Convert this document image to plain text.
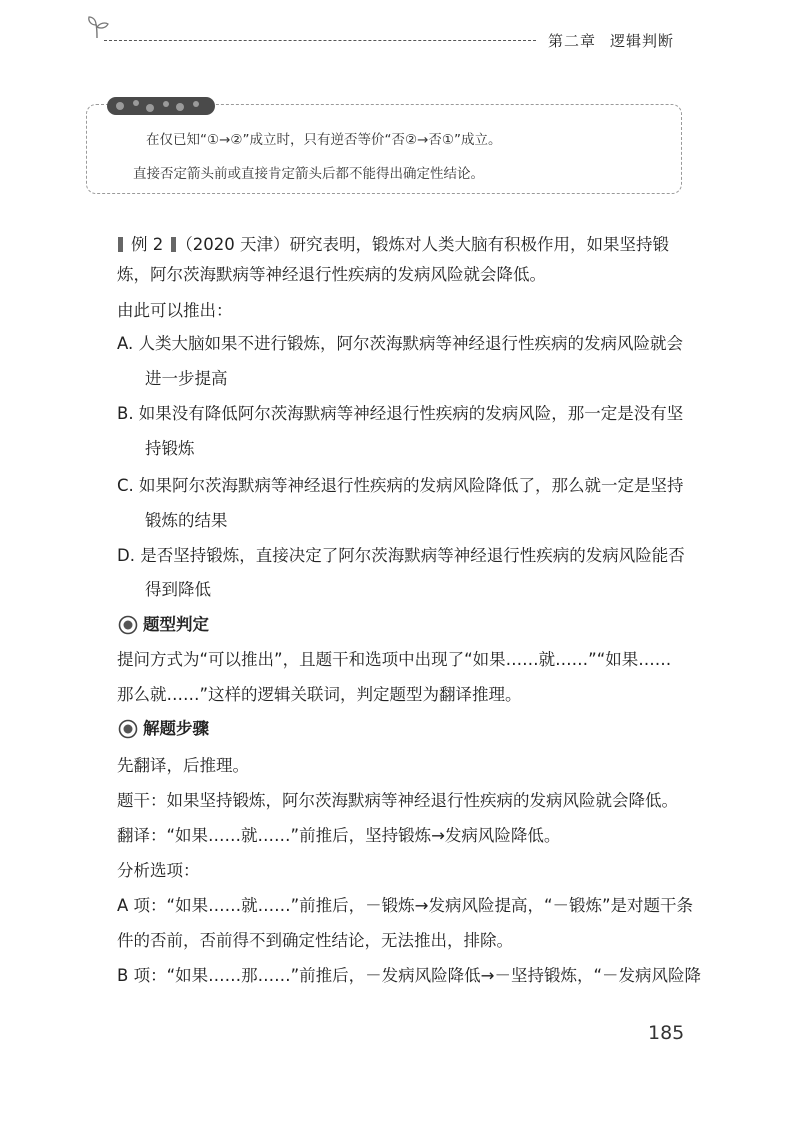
第二章 逻辑判断
在仅已知“①→②”成立时，只有逆否等价“否②→否①”成立。
直接否定箭头前或直接肯定箭头后都不能得出确定性结论。
例 2 （2020 天津）研究表明，锻炼对人类大脑有积极作用，如果坚持锻
炼，阿尔茨海默病等神经退行性疾病的发病风险就会降低。
由此可以推出：
A. 人类大脑如果不进行锻炼，阿尔茨海默病等神经退行性疾病的发病风险就会
进一步提高
B. 如果没有降低阿尔茨海默病等神经退行性疾病的发病风险，那一定是没有坚
持锻炼
C. 如果阿尔茨海默病等神经退行性疾病的发病风险降低了，那么就一定是坚持
锻炼的结果
D. 是否坚持锻炼，直接决定了阿尔茨海默病等神经退行性疾病的发病风险能否
得到降低
题型判定
提问方式为“可以推出”，且题干和选项中出现了“如果……就……”“如果……
那么就……”这样的逻辑关联词，判定题型为翻译推理。
解题步骤
先翻译，后推理。
题干：如果坚持锻炼，阿尔茨海默病等神经退行性疾病的发病风险就会降低。
翻译：“如果……就……”前推后，坚持锻炼→发病风险降低。
分析选项：
A 项：“如果……就……”前推后，－锻炼→发病风险提高，“－锻炼”是对题干条
件的否前，否前得不到确定性结论，无法推出，排除。
B 项：“如果……那……”前推后，－发病风险降低→－坚持锻炼，“－发病风险降
185
